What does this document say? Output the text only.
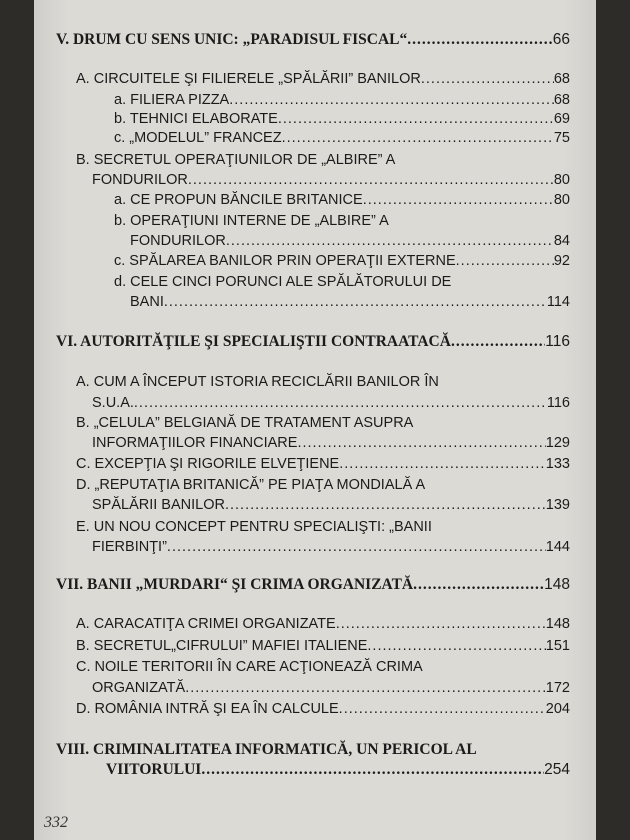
V. DRUM CU SENS UNIC: „PARADISUL FISCAL“ .....	66
A. CIRCUITELE ŞI FILIERELE „SPĂLĂRII” BANILOR .....	68
a. FILIERA PIZZA .....	68
b. TEHNICI ELABORATE .....	69
c. „MODELUL” FRANCEZ .....	75
B. SECRETUL OPERAŢIUNILOR DE „ALBIRE” A
FONDURILOR .....	80
a. CE PROPUN BĂNCILE BRITANICE .....	80
b. OPERAŢIUNI INTERNE DE „ALBIRE” A
FONDURILOR .....	84
c. SPĂLAREA BANILOR PRIN OPERAŢII EXTERNE .....	92
d. CELE CINCI PORUNCI ALE SPĂLĂTORULUI DE
BANI .....	114
VI. AUTORITĂŢILE ŞI SPECIALIŞTII CONTRAATACĂ .....	116
A. CUM A ÎNCEPUT ISTORIA RECICLĂRII BANILOR ÎN
S.U.A. .....	116
B. „CELULA” BELGIANĂ DE TRATAMENT ASUPRA
INFORMAŢIILOR FINANCIARE .....	129
C. EXCEPŢIA ŞI RIGORILE ELVEŢIENE .....	133
D. „REPUTAŢIA BRITANICĂ” PE PIAŢA MONDIALĂ A
SPĂLĂRII BANILOR .....	139
E. UN NOU CONCEPT PENTRU SPECIALIŞTI: „BANII
FIERBINŢI” .....	144
VII. BANII „MURDARI“ ŞI CRIMA ORGANIZATĂ .....	148
A. CARACATIŢA CRIMEI ORGANIZATE .....	148
B. SECRETUL„CIFRULUI” MAFIEI ITALIENE .....	151
C. NOILE TERITORII ÎN CARE ACŢIONEAZĂ CRIMA
ORGANIZATĂ .....	172
D. ROMÂNIA INTRĂ ŞI EA ÎN CALCULE .....	204
VIII. CRIMINALITATEA INFORMATICĂ, UN PERICOL AL
VIITORULUI .....	254
332
